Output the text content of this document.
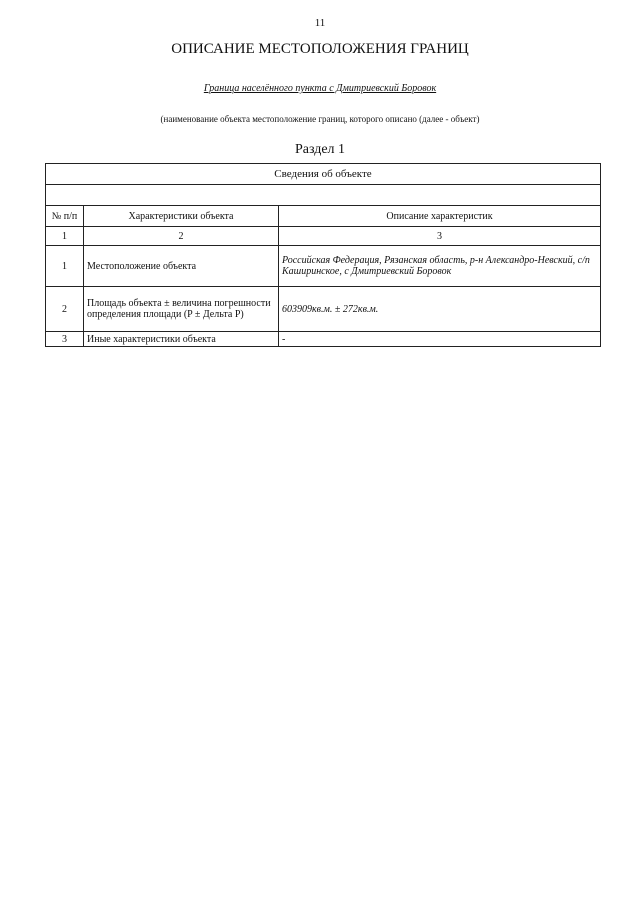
11
ОПИСАНИЕ МЕСТОПОЛОЖЕНИЯ ГРАНИЦ
Граница населённого пункта с Дмитриевский Боровок
(наименование объекта местоположение границ, которого описано (далее - объект)
Раздел 1
Сведения об объекте		

№ п/п	Характеристики объекта	Описание характеристик
1	2	3
1	Местоположение объекта	Российская Федерация, Рязанская область, р-н Александро-Невский, с/п Каширинское, с Дмитриевский Боровок
2	Площадь объекта ± величина погрешности определения площади (P ± Дельта P)	603909кв.м. ± 272кв.м.
3	Иные характеристики объекта	-
